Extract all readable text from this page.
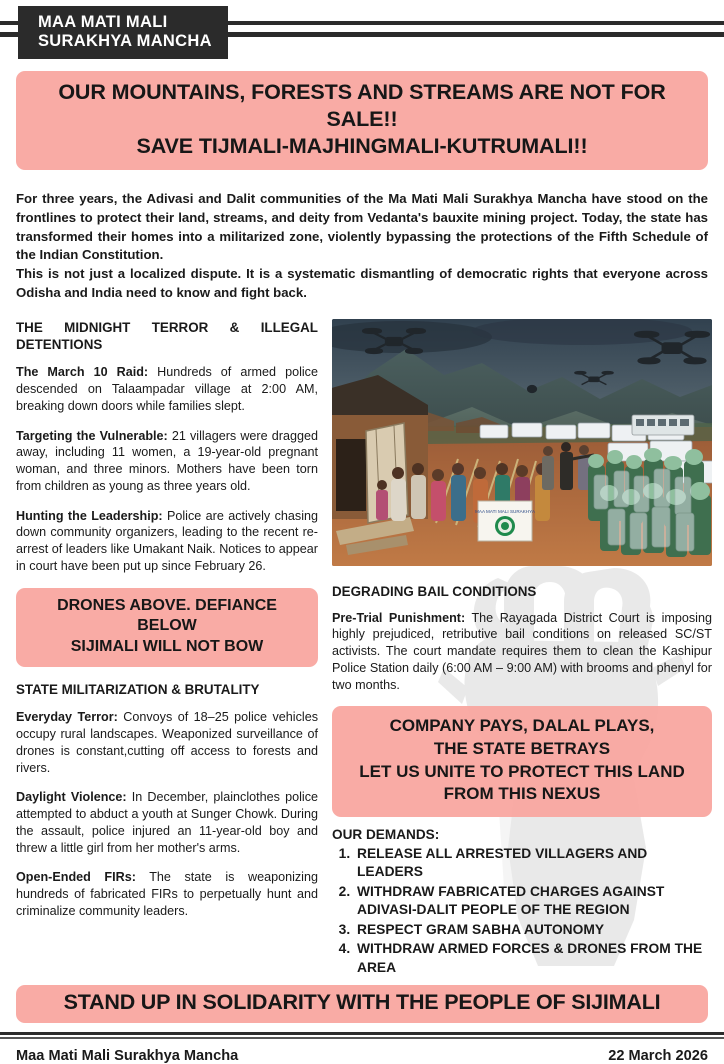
MAA MATI MALI
SURAKHYA MANCHA
OUR MOUNTAINS, FORESTS AND STREAMS ARE NOT FOR SALE!!
SAVE TIJMALI-MAJHINGMALI-KUTRUMALI!!

For three years, the Adivasi and Dalit communities of the Ma Mati Mali Surakhya Mancha have stood on the frontlines to protect their land, streams, and deity from Vedanta's bauxite mining project. Today, the state has transformed their homes into a militarized zone, violently bypassing the protections of the Fifth Schedule of the Indian Constitution.

This is not just a localized dispute. It is a systematic dismantling of democratic rights that everyone across Odisha and India need to know and fight back.

THE MIDNIGHT TERROR & ILLEGAL DETENTIONS
The March 10 Raid: Hundreds of armed police descended on Talaampadar village at 2:00 AM, breaking down doors while families slept.
Targeting the Vulnerable: 21 villagers were dragged away, including 11 women, a 19-year-old pregnant woman, and three minors. Mothers have been torn from children as young as three years old.
Hunting the Leadership: Police are actively chasing down community organizers, leading to the recent re-arrest of leaders like Umakant Naik. Notices to appear in court have been put up since February 26.
DRONES ABOVE. DEFIANCE BELOW
SIJIMALI WILL NOT BOW
STATE MILITARIZATION & BRUTALITY
Everyday Terror: Convoys of 18–25 police vehicles occupy rural landscapes. Weaponized surveillance of drones is constant,cutting off access to forests and rivers.
Daylight Violence: In December, plainclothes police attempted to abduct a youth at Sunger Chowk. During the assault, police injured an 11-year-old boy and threw a little girl from her mother's arms.
Open-Ended FIRs: The state is weaponizing hundreds of fabricated FIRs to perpetually hunt and criminalize community leaders.
MAA MATI MALI SURAKHYA
DEGRADING BAIL CONDITIONS
Pre-Trial Punishment: The Rayagada District Court is imposing highly prejudiced, retributive bail conditions on released SC/ST activists. The court mandate requires them to clean the Kashipur Police Station daily (6:00 AM – 9:00 AM) with brooms and phenyl for two months.
COMPANY PAYS, DALAL PLAYS,
THE STATE BETRAYS
LET US UNITE TO PROTECT THIS LAND
FROM THIS NEXUS
OUR DEMANDS:
1. RELEASE ALL ARRESTED VILLAGERS AND LEADERS
2. WITHDRAW FABRICATED CHARGES AGAINST ADIVASI-DALIT PEOPLE OF THE REGION
3. RESPECT GRAM SABHA AUTONOMY
4. WITHDRAW ARMED FORCES & DRONES FROM THE AREA
STAND UP IN SOLIDARITY WITH THE PEOPLE OF SIJIMALI
Maa Mati Mali Surakhya Mancha	22 March 2026
